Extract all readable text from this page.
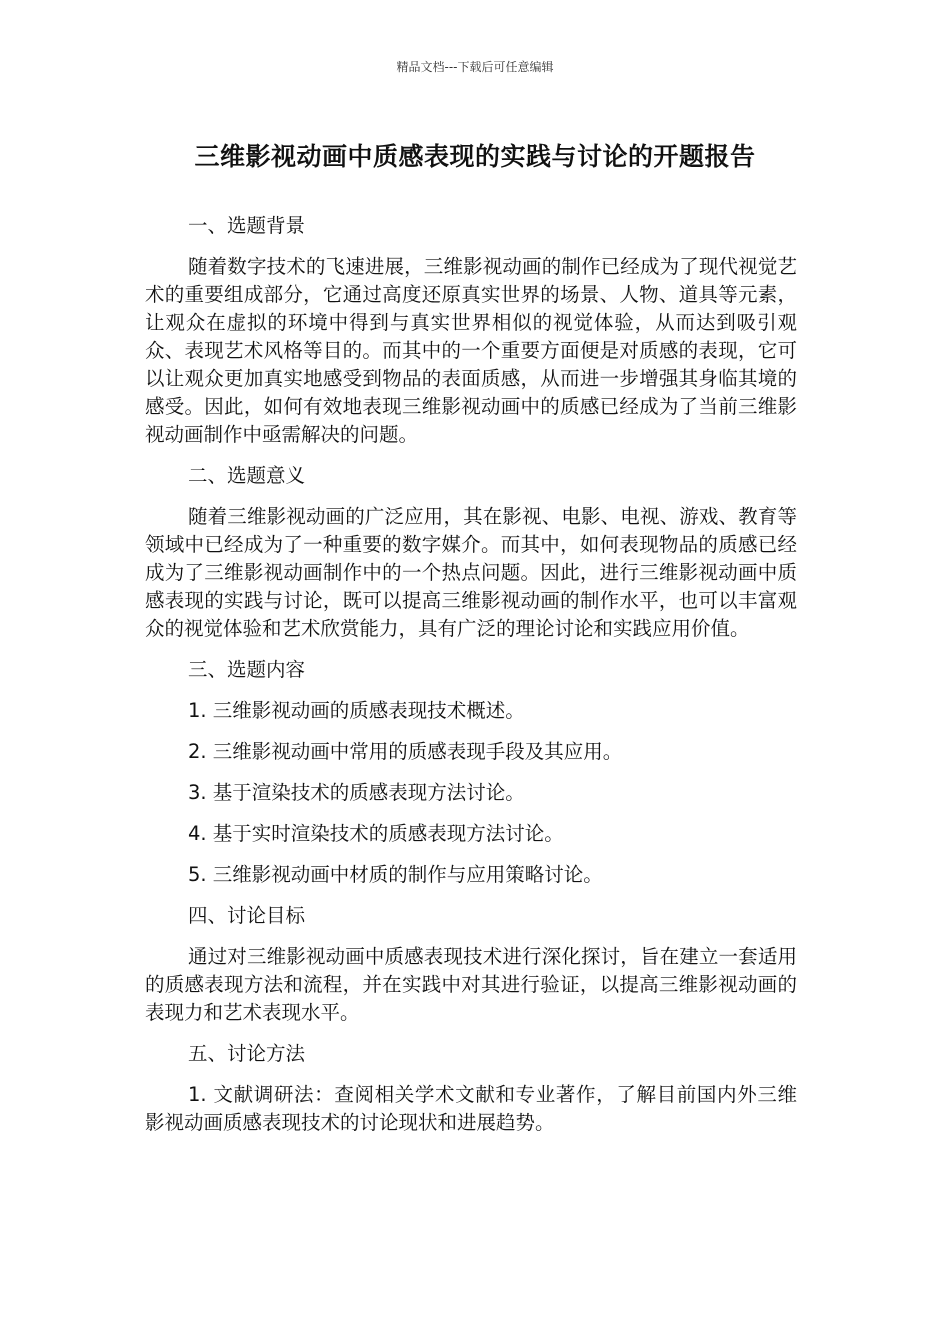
精品文档---下载后可任意编辑
三维影视动画中质感表现的实践与讨论的开题报告

一、选题背景

随着数字技术的飞速进展，三维影视动画的制作已经成为了现代视觉艺术的重要组成部分，它通过高度还原真实世界的场景、人物、道具等元素，让观众在虚拟的环境中得到与真实世界相似的视觉体验，从而达到吸引观众、表现艺术风格等目的。而其中的一个重要方面便是对质感的表现，它可以让观众更加真实地感受到物品的表面质感，从而进一步增强其身临其境的感受。因此，如何有效地表现三维影视动画中的质感已经成为了当前三维影视动画制作中亟需解决的问题。

二、选题意义

随着三维影视动画的广泛应用，其在影视、电影、电视、游戏、教育等领域中已经成为了一种重要的数字媒介。而其中，如何表现物品的质感已经成为了三维影视动画制作中的一个热点问题。因此，进行三维影视动画中质感表现的实践与讨论，既可以提高三维影视动画的制作水平，也可以丰富观众的视觉体验和艺术欣赏能力，具有广泛的理论讨论和实践应用价值。

三、选题内容

1. 三维影视动画的质感表现技术概述。

2. 三维影视动画中常用的质感表现手段及其应用。

3. 基于渲染技术的质感表现方法讨论。

4. 基于实时渲染技术的质感表现方法讨论。

5. 三维影视动画中材质的制作与应用策略讨论。

四、讨论目标

通过对三维影视动画中质感表现技术进行深化探讨，旨在建立一套适用的质感表现方法和流程，并在实践中对其进行验证，以提高三维影视动画的表现力和艺术表现水平。

五、讨论方法

1. 文献调研法：查阅相关学术文献和专业著作，了解目前国内外三维影视动画质感表现技术的讨论现状和进展趋势。
